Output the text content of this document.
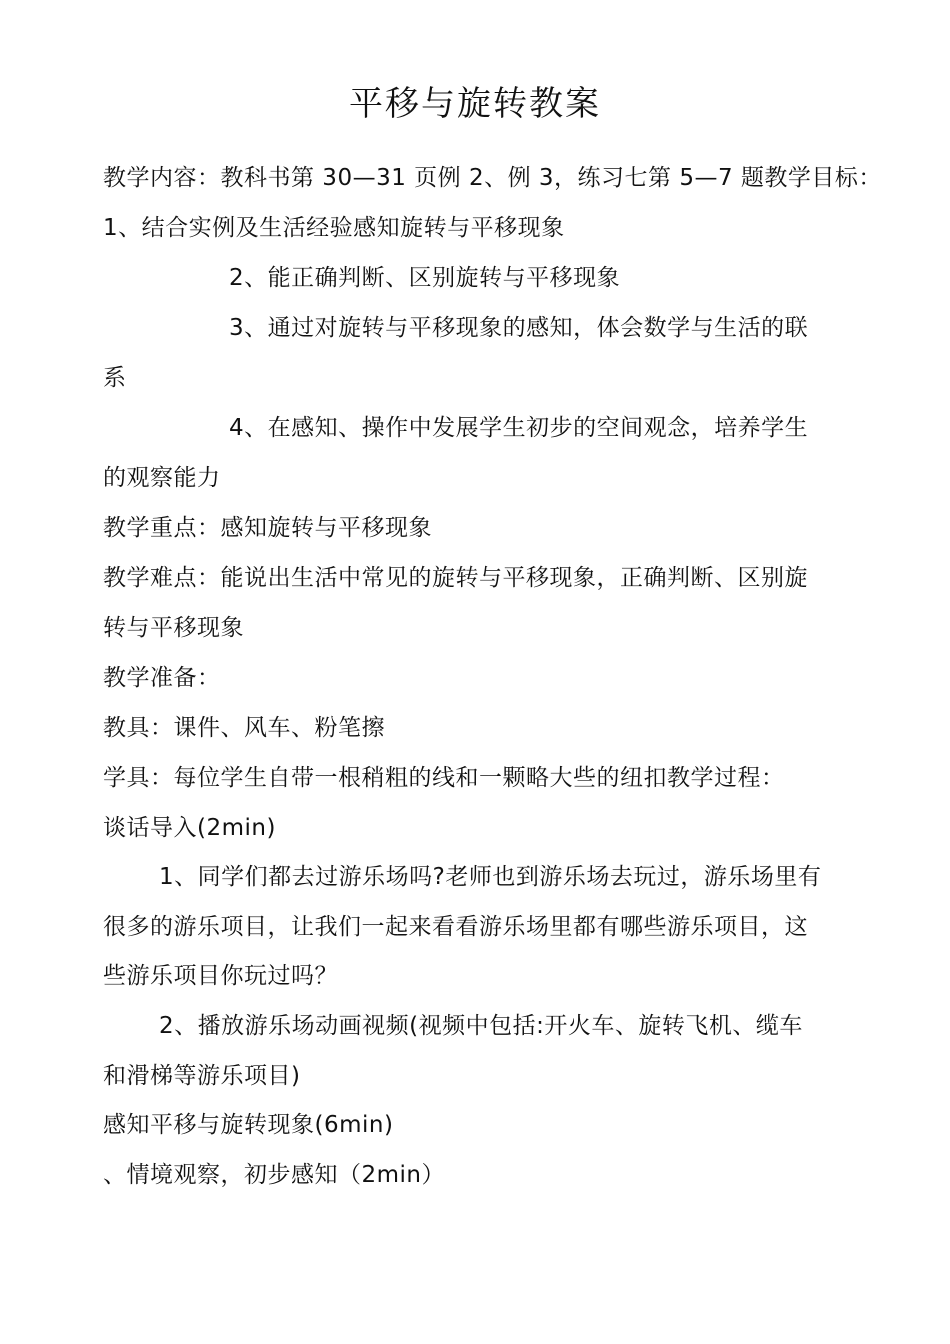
平移与旋转教案
教学内容：教科书第 30—31 页例 2、例 3，练习七第 5—7 题教学目标：
1、结合实例及生活经验感知旋转与平移现象
2、能正确判断、区别旋转与平移现象
3、通过对旋转与平移现象的感知，体会数学与生活的联
系
4、在感知、操作中发展学生初步的空间观念，培养学生
的观察能力
教学重点：感知旋转与平移现象
教学难点：能说出生活中常见的旋转与平移现象，正确判断、区别旋
转与平移现象
教学准备：
教具：课件、风车、粉笔擦
学具：每位学生自带一根稍粗的线和一颗略大些的纽扣教学过程：
谈话导入(2min)
1、同学们都去过游乐场吗?老师也到游乐场去玩过，游乐场里有
很多的游乐项目，让我们一起来看看游乐场里都有哪些游乐项目，这
些游乐项目你玩过吗？
2、播放游乐场动画视频(视频中包括:开火车、旋转飞机、缆车
和滑梯等游乐项目)
感知平移与旋转现象(6min)
、情境观察，初步感知（2min）
